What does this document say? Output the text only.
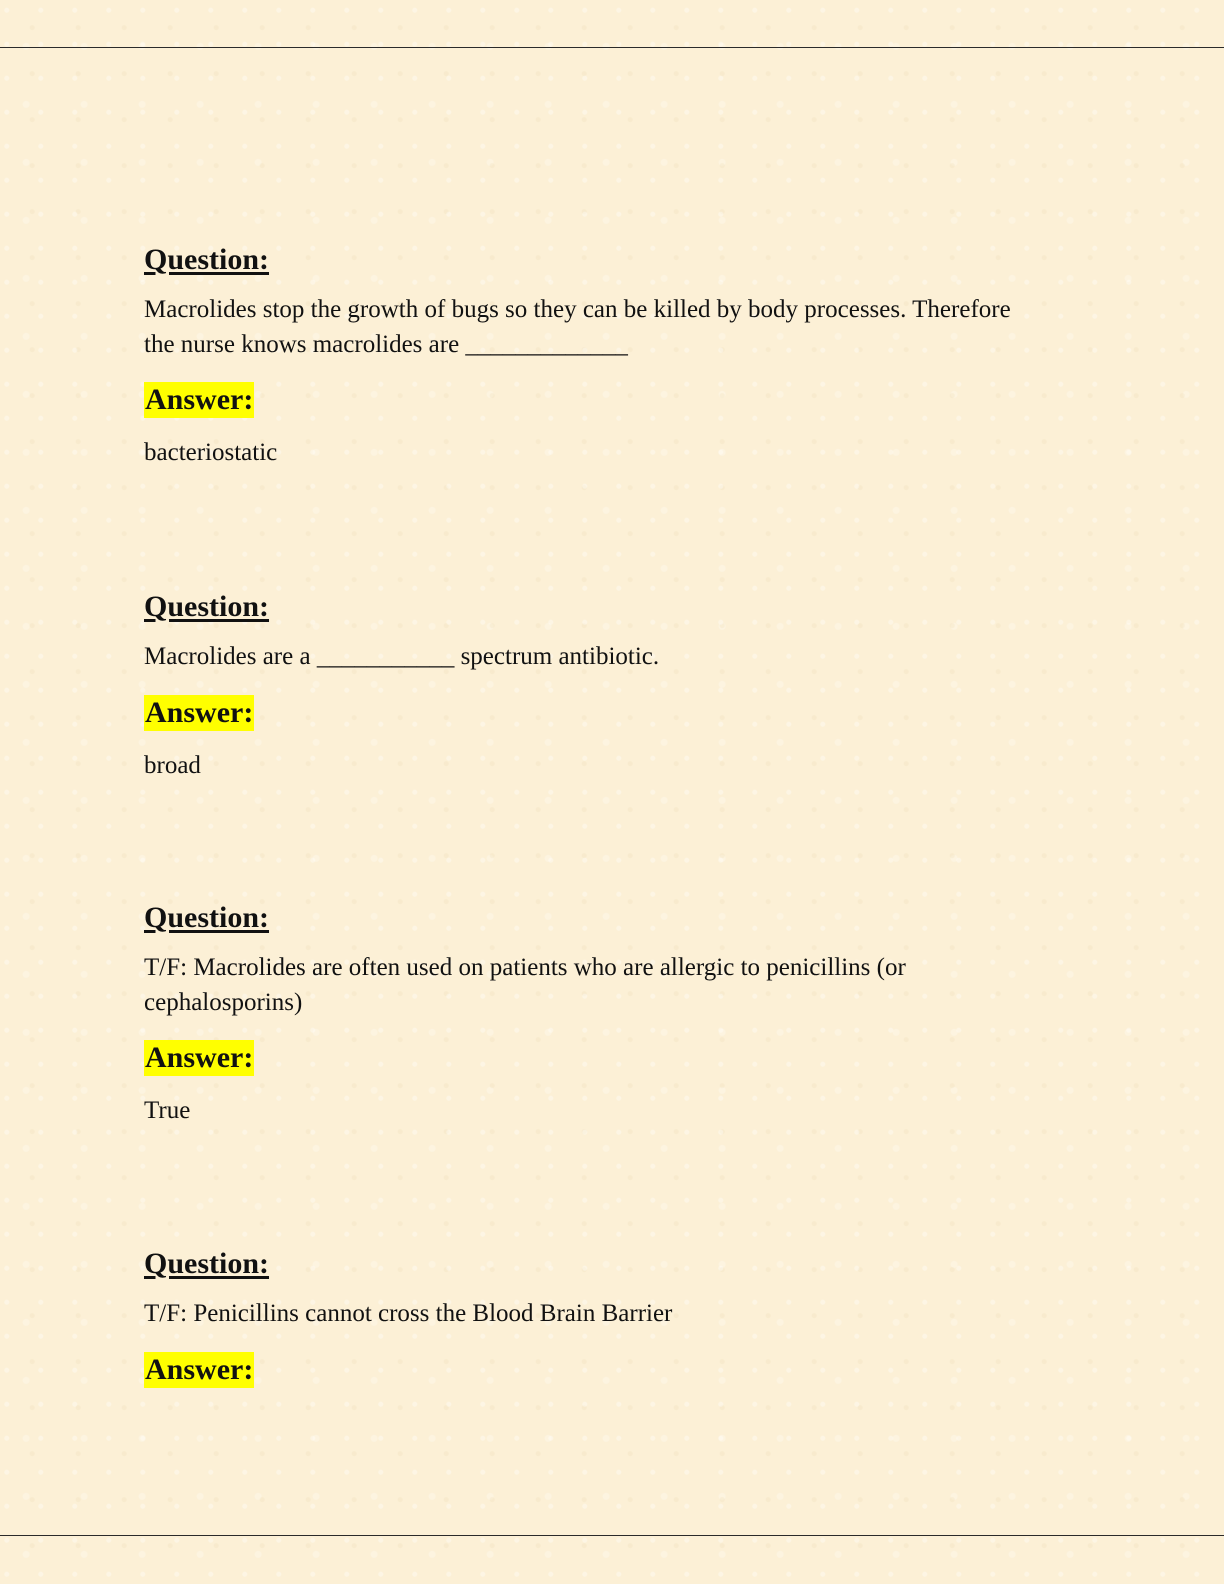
Question:

Macrolides stop the growth of bugs so they can be killed by body processes. Therefore the nurse knows macrolides are _____________

Answer:

bacteriostatic

Question:

Macrolides are a ___________ spectrum antibiotic.

Answer:

broad

Question:

T/F: Macrolides are often used on patients who are allergic to penicillins (or cephalosporins)

Answer:

True

Question:

T/F: Penicillins cannot cross the Blood Brain Barrier

Answer:
